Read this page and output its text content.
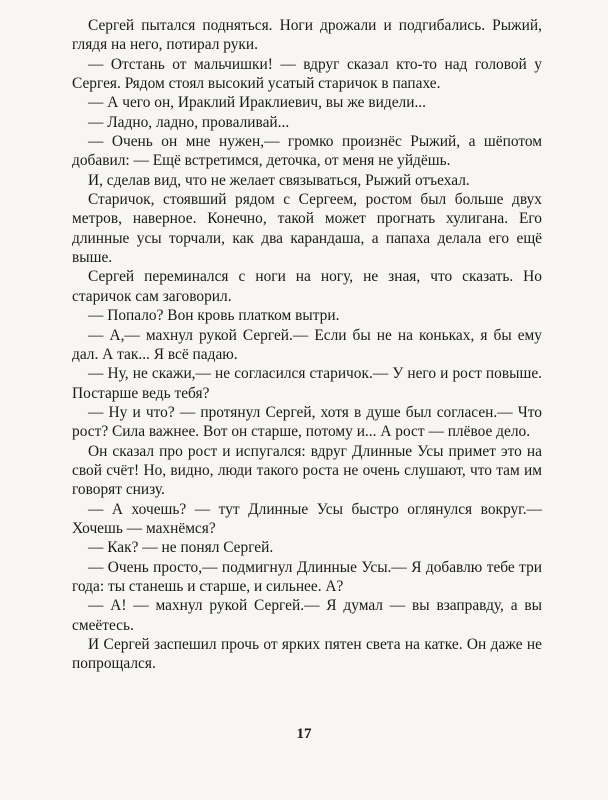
Сергей пытался подняться. Ноги дрожали и подгибались. Рыжий, глядя на него, потирал руки.

— Отстань от мальчишки! — вдруг сказал кто-то над головой у Сергея. Рядом стоял высокий усатый старичок в папахе.

— А чего он, Ираклий Ираклиевич, вы же видели...

— Ладно, ладно, проваливай...

— Очень он мне нужен,— громко произнёс Рыжий, а шёпотом добавил: — Ещё встретимся, деточка, от меня не уйдёшь.

И, сделав вид, что не желает связываться, Рыжий отъехал.

Старичок, стоявший рядом с Сергеем, ростом был больше двух метров, наверное. Конечно, такой может прогнать хулигана. Его длинные усы торчали, как два карандаша, а папаха делала его ещё выше.

Сергей переминался с ноги на ногу, не зная, что сказать. Но старичок сам заговорил.

— Попало? Вон кровь платком вытри.

— А,— махнул рукой Сергей.— Если бы не на коньках, я бы ему дал. А так... Я всё падаю.

— Ну, не скажи,— не согласился старичок.— У него и рост повыше. Постарше ведь тебя?

— Ну и что? — протянул Сергей, хотя в душе был согласен.— Что рост? Сила важнее. Вот он старше, потому и... А рост — плёвое дело.

Он сказал про рост и испугался: вдруг Длинные Усы примет это на свой счёт! Но, видно, люди такого роста не очень слушают, что там им говорят снизу.

— А хочешь? — тут Длинные Усы быстро оглянулся вокруг.— Хочешь — махнёмся?

— Как? — не понял Сергей.

— Очень просто,— подмигнул Длинные Усы.— Я добавлю тебе три года: ты станешь и старше, и сильнее. А?

— А! — махнул рукой Сергей.— Я думал — вы взаправду, а вы смеётесь.

И Сергей заспешил прочь от ярких пятен света на катке. Он даже не попрощался.

17
